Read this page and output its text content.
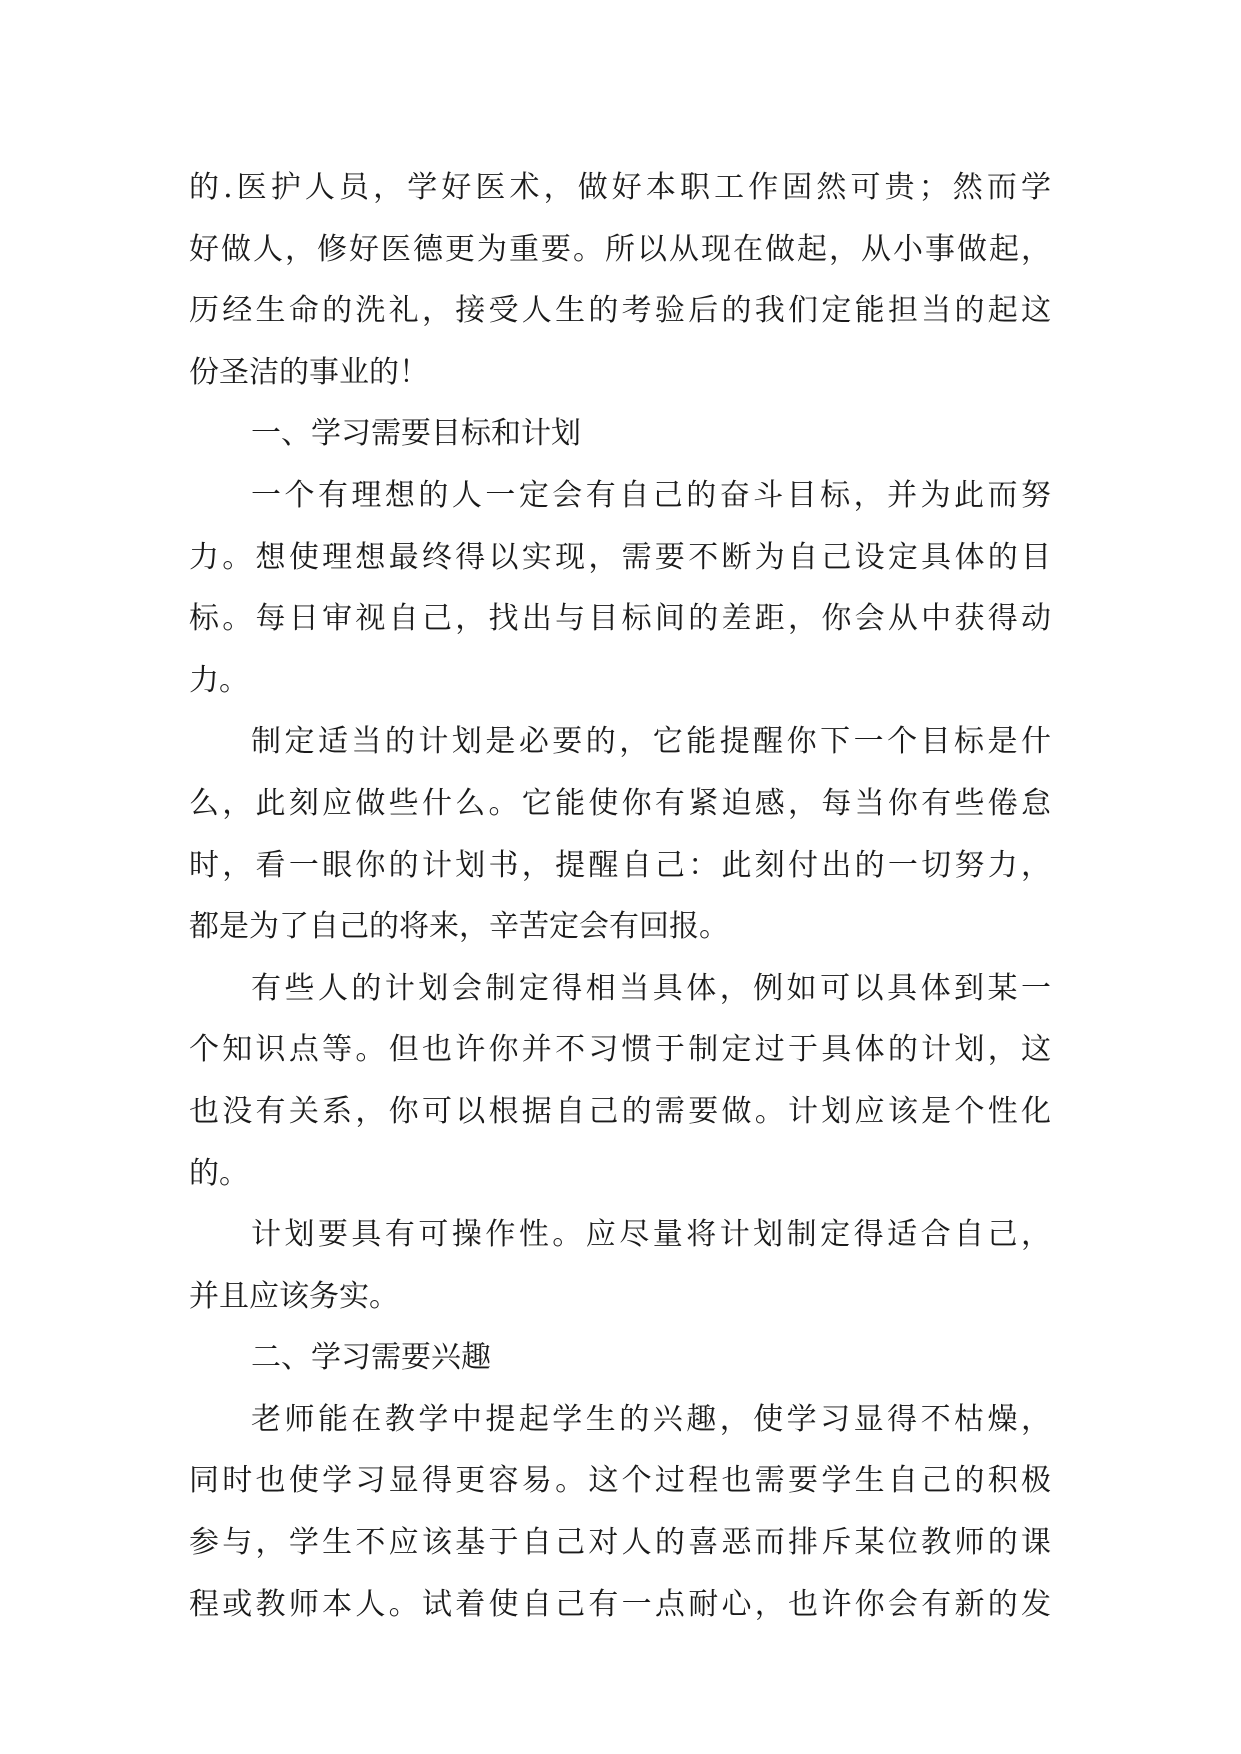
的.医护人员，学好医术，做好本职工作固然可贵；然而学
好做人，修好医德更为重要。所以从现在做起，从小事做起，
历经生命的洗礼，接受人生的考验后的我们定能担当的起这
份圣洁的事业的！
一、学习需要目标和计划
一个有理想的人一定会有自己的奋斗目标，并为此而努
力。想使理想最终得以实现，需要不断为自己设定具体的目
标。每日审视自己，找出与目标间的差距，你会从中获得动
力。
制定适当的计划是必要的，它能提醒你下一个目标是什
么，此刻应做些什么。它能使你有紧迫感，每当你有些倦怠
时，看一眼你的计划书，提醒自己：此刻付出的一切努力，
都是为了自己的将来，辛苦定会有回报。
有些人的计划会制定得相当具体，例如可以具体到某一
个知识点等。但也许你并不习惯于制定过于具体的计划，这
也没有关系，你可以根据自己的需要做。计划应该是个性化
的。
计划要具有可操作性。应尽量将计划制定得适合自己，
并且应该务实。
二、学习需要兴趣
老师能在教学中提起学生的兴趣，使学习显得不枯燥，
同时也使学习显得更容易。这个过程也需要学生自己的积极
参与，学生不应该基于自己对人的喜恶而排斥某位教师的课
程或教师本人。试着使自己有一点耐心，也许你会有新的发
